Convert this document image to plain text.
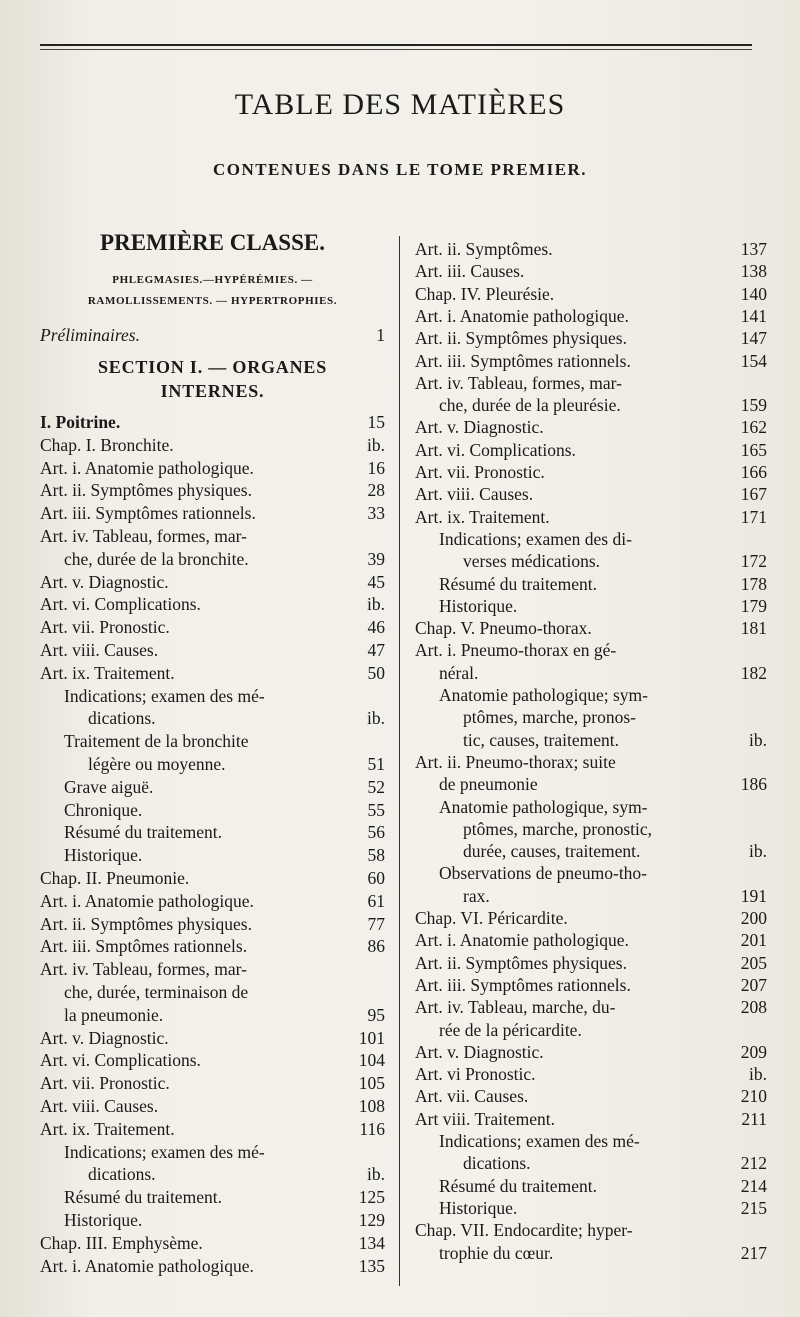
TABLE DES MATIÈRES
CONTENUES DANS LE TOME PREMIER.
PREMIÈRE CLASSE.
PHLEGMASIES.—HYPÉRÉMIES. —
RAMOLLISSEMENTS. — HYPERTROPHIES.
Préliminaires.	1
SECTION I. — ORGANES
INTERNES.
I. Poitrine.	15
Chap. I. Bronchite.	ib.
Art. i. Anatomie pathologique.	16
Art. ii. Symptômes physiques.	28
Art. iii. Symptômes rationnels.	33
Art. iv. Tableau, formes, mar-
che, durée de la bronchite.	39
Art. v. Diagnostic.	45
Art. vi. Complications.	ib.
Art. vii. Pronostic.	46
Art. viii. Causes.	47
Art. ix. Traitement.	50
Indications; examen des mé-
dications.	ib.
Traitement de la bronchite
légère ou moyenne.	51
Grave aiguë.	52
Chronique.	55
Résumé du traitement.	56
Historique.	58
Chap. II. Pneumonie.	60
Art. i. Anatomie pathologique.	61
Art. ii. Symptômes physiques.	77
Art. iii. Smptômes rationnels.	86
Art. iv. Tableau, formes, mar-
che, durée, terminaison de
la pneumonie.	95
Art. v. Diagnostic.	101
Art. vi. Complications.	104
Art. vii. Pronostic.	105
Art. viii. Causes.	108
Art. ix. Traitement.	116
Indications; examen des mé-
dications.	ib.
Résumé du traitement.	125
Historique.	129
Chap. III. Emphysème.	134
Art. i. Anatomie pathologique.	135
Art. ii. Symptômes.	137
Art. iii. Causes.	138
Chap. IV. Pleurésie.	140
Art. i. Anatomie pathologique.	141
Art. ii. Symptômes physiques.	147
Art. iii. Symptômes rationnels.	154
Art. iv. Tableau, formes, mar-
che, durée de la pleurésie.	159
Art. v. Diagnostic.	162
Art. vi. Complications.	165
Art. vii. Pronostic.	166
Art. viii. Causes.	167
Art. ix. Traitement.	171
Indications; examen des di-
verses médications.	172
Résumé du traitement.	178
Historique.	179
Chap. V. Pneumo-thorax.	181
Art. i. Pneumo-thorax en gé-
néral.	182
Anatomie pathologique; sym-
ptômes, marche, pronos-
tic, causes, traitement.	ib.
Art. ii. Pneumo-thorax; suite
de pneumonie	186
Anatomie pathologique, sym-
ptômes, marche, pronostic,
durée, causes, traitement.	ib.
Observations de pneumo-tho-
rax.	191
Chap. VI. Péricardite.	200
Art. i. Anatomie pathologique.	201
Art. ii. Symptômes physiques.	205
Art. iii. Symptômes rationnels.	207
Art. iv. Tableau, marche, du-	208
rée de la péricardite.
Art. v. Diagnostic.	209
Art. vi Pronostic.	ib.
Art. vii. Causes.	210
Art viii. Traitement.	211
Indications; examen des mé-
dications.	212
Résumé du traitement.	214
Historique.	215
Chap. VII. Endocardite; hyper-
trophie du cœur.	217
